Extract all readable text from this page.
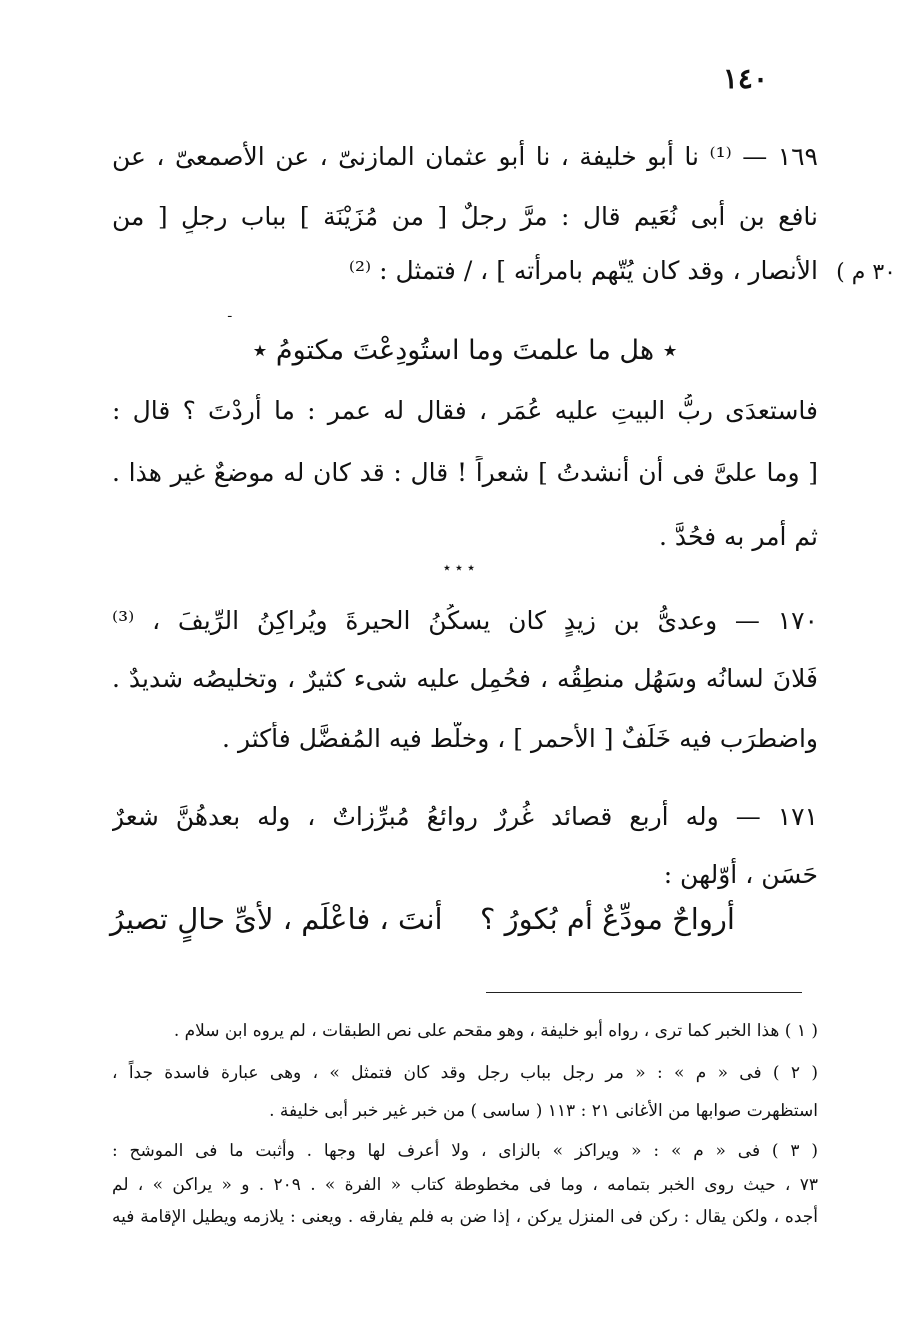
١٤٠
١٦٩ — ⁽¹⁾ نا أبو خليفة ، نا أبو عثمان المازنىّ ، عن الأصمعىّ ، عن
نافع بن أبى نُعَيم قال : مرَّ رجلٌ [ من مُزَيْنَة ] بباب رجلٍ [ من
الأنصار ، وقد كان يُتّهم بامرأته ] ، / فتمثل : ⁽²⁾ ٣٠ م )
ـ
٭ هل ما علمتَ وما استُودِعْتَ مكتومُ ٭
فاستعدَى ربُّ البيتِ عليه عُمَر ، فقال له عمر : ما أردْتَ ؟ قال :
[ وما علىَّ فى أن أنشدتُ ] شعراً ! قال : قد كان له موضعٌ غير هذا .
ثم أمر به فحُدَّ .
٭ ٭ ٭
١٧٠ — وعدىُّ بن زيدٍ كان يسكُنُ الحيرةَ ويُراكِنُ الرِّيفَ ، ⁽³⁾
فَلانَ لسانُه وسَهُل منطِقُه ، فحُمِل عليه شىء كثيرٌ ، وتخليصُه شديدٌ .
واضطرَب فيه خَلَفٌ [ الأحمر ] ، وخلَّط فيه المُفضَّل فأكثر .
١٧١ — وله أربع قصائد غُررٌ روائعُ مُبرِّزاتٌ ، وله بعدهُنَّ شعرٌ
حَسَن ، أوّلهن :
أنتَ ، فاعْلَم ، لأىِّ حالٍ تصيرُ أرواحٌ مودِّعٌ أم بُكورُ ؟
( ١ ) هذا الخبر كما ترى ، رواه أبو خليفة ، وهو مقحم على نص الطبقات ، لم يروه ابن سلام .
( ٢ ) فى « م » : « مر رجل بباب رجل وقد كان فتمثل » ، وهى عبارة فاسدة جداً ،
استظهرت صوابها من الأغانى ٢١ : ١١٣ ( ساسى ) من خبر غير خبر أبى خليفة .
( ٣ ) فى « م » : « ويراكز » بالزاى ، ولا أعرف لها وجها . وأثبت ما فى الموشح :
٧٣ ، حيث روى الخبر بتمامه ، وما فى مخطوطة كتاب « الفرة » . ٢٠٩ . و « يراكن » ، لم
أجده ، ولكن يقال : ركن فى المنزل يركن ، إذا ضن به فلم يفارقه . ويعنى : يلازمه ويطيل الإقامة فيه
